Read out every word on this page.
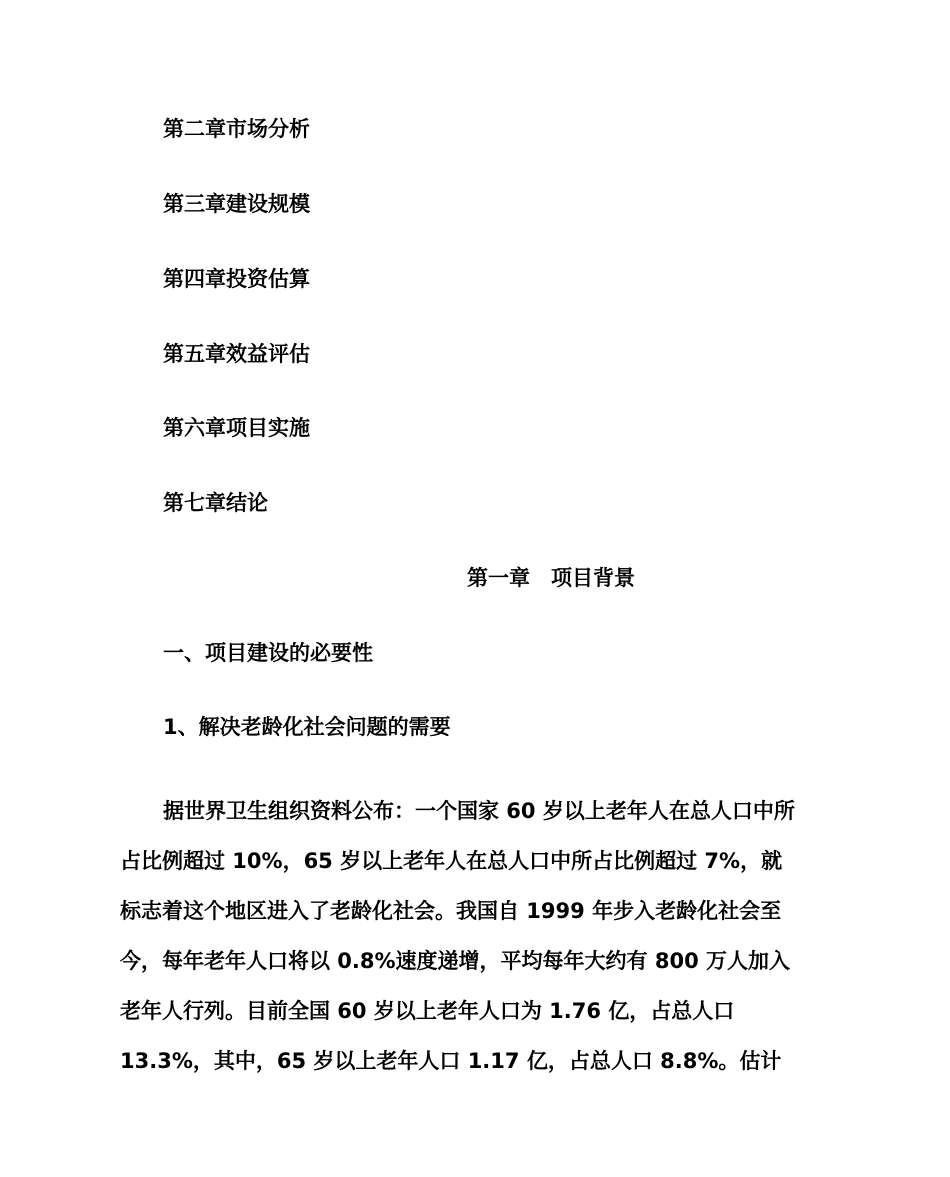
第二章市场分析
第三章建设规模
第四章投资估算
第五章效益评估
第六章项目实施
第七章结论
第一章 项目背景
一、项目建设的必要性
1、解决老龄化社会问题的需要
据世界卫生组织资料公布：一个国家 60 岁以上老年人在总人口中所
占比例超过 10%，65 岁以上老年人在总人口中所占比例超过 7%，就
标志着这个地区进入了老龄化社会。我国自 1999 年步入老龄化社会至
今，每年老年人口将以 0.8%速度递增，平均每年大约有 800 万人加入
老年人行列。目前全国 60 岁以上老年人口为 1.76 亿，占总人口
13.3%，其中，65 岁以上老年人口 1.17 亿，占总人口 8.8%。估计
